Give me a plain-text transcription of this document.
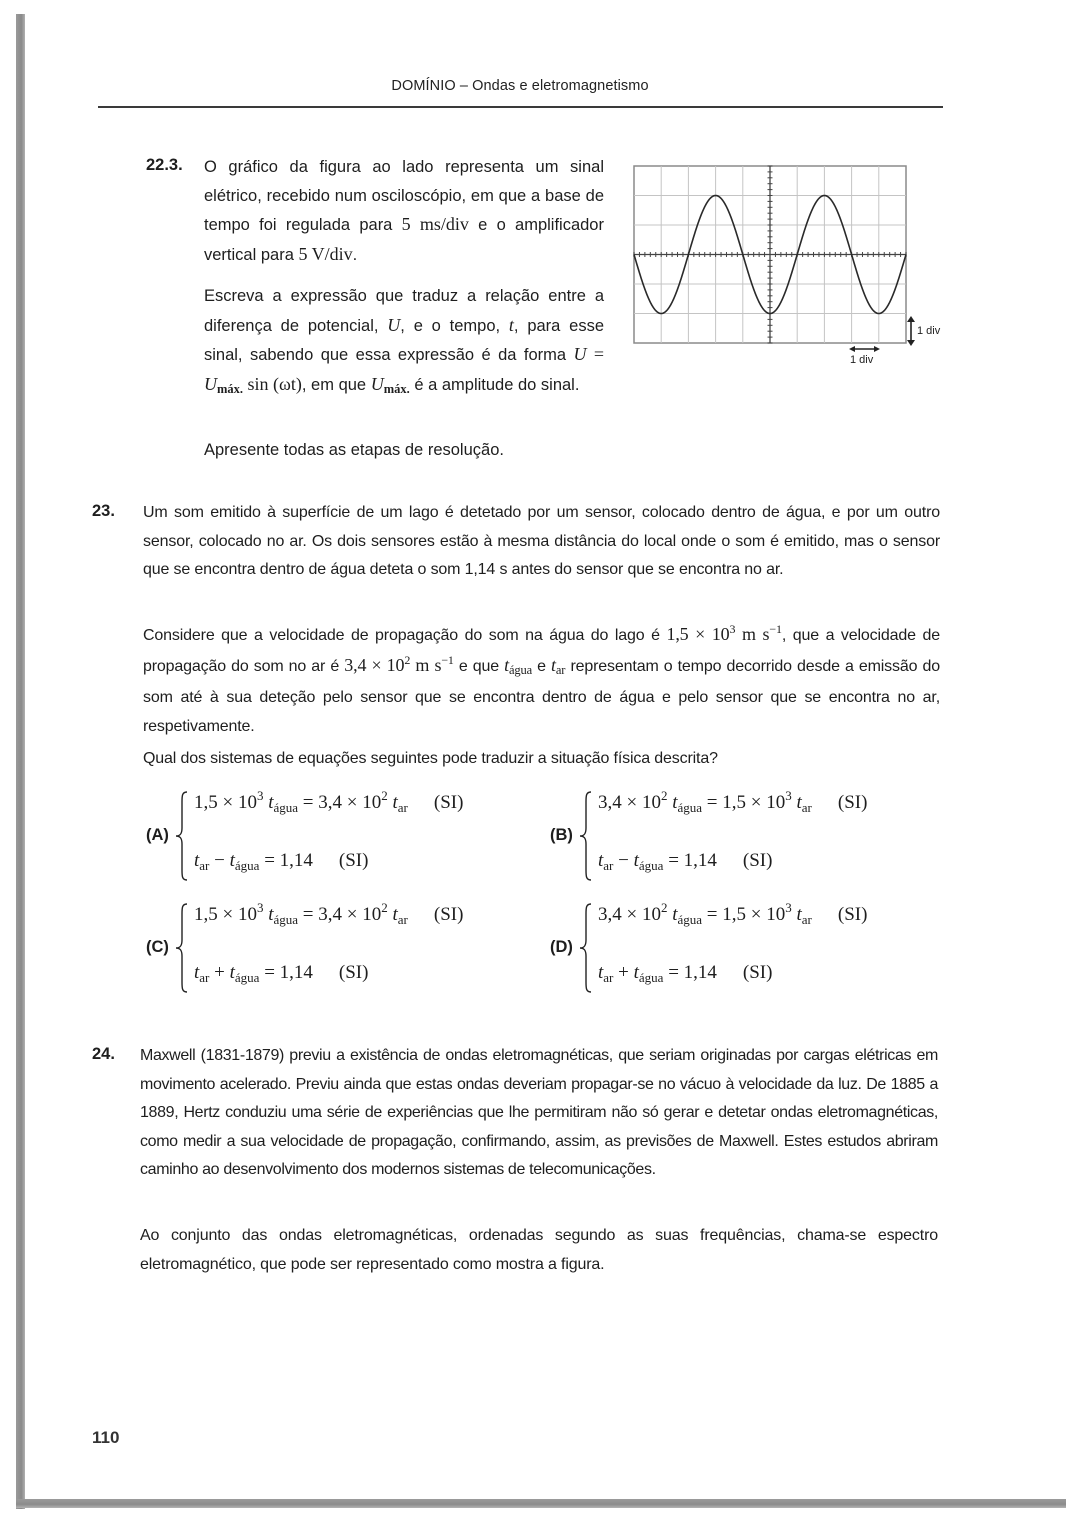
DOMÍNIO – Ondas e eletromagnetismo
22.3. O gráfico da figura ao lado representa um sinal elétrico, recebido num osciloscópio, em que a base de tempo foi regulada para 5 ms/div e o amplificador vertical para 5 V/div.
Escreva a expressão que traduz a relação entre a diferença de potencial, U, e o tempo, t, para esse sinal, sabendo que essa expressão é da forma $U = U_{máx.}$ sin (ωt), em que $U_{máx.}$ é a amplitude do sinal.
Apresente todas as etapas de resolução.
1 div
1 div
23. Um som emitido à superfície de um lago é detetado por um sensor, colocado dentro de água, e por um outro sensor, colocado no ar. Os dois sensores estão à mesma distância do local onde o som é emitido, mas o sensor que se encontra dentro de água deteta o som 1,14 s antes do sensor que se encontra no ar.
Considere que a velocidade de propagação do som na água do lago é $1,5 \times 10^3$ m $s^{-1}$, que a velocidade de propagação do som no ar é $3,4 \times 10^2$ m $s^{-1}$ e que $t_{água}$ e $t_{ar}$ representam o tempo decorrido desde a emissão do som até à sua deteção pelo sensor que se encontra dentro de água e pelo sensor que se encontra no ar, respetivamente.
Qual dos sistemas de equações seguintes pode traduzir a situação física descrita?
(A)
$1,5 \times 10^3$ $t_{água} = 3,4 \times 10^2$ $t_{ar}$ (SI)
$t_{ar} - t_{água} = 1,14$ (SI)
(B)
$3,4 \times 10^2$ $t_{água} = 1,5 \times 10^3$ $t_{ar}$ (SI)
$t_{ar} - t_{água} = 1,14$ (SI)
(C)
$1,5 \times 10^3$ $t_{água} = 3,4 \times 10^2$ $t_{ar}$ (SI)
$t_{ar} + t_{água} = 1,14$ (SI)
(D)
$3,4 \times 10^2$ $t_{água} = 1,5 \times 10^3$ $t_{ar}$ (SI)
$t_{ar} + t_{água} = 1,14$ (SI)
24. Maxwell (1831-1879) previu a existência de ondas eletromagnéticas, que seriam originadas por cargas elétricas em movimento acelerado. Previu ainda que estas ondas deveriam propagar-se no vácuo à velocidade da luz. De 1885 a 1889, Hertz conduziu uma série de experiências que lhe permitiram não só gerar e detetar ondas eletromagnéticas, como medir a sua velocidade de propagação, confirmando, assim, as previsões de Maxwell. Estes estudos abriram caminho ao desenvolvimento dos modernos sistemas de telecomunicações.
Ao conjunto das ondas eletromagnéticas, ordenadas segundo as suas frequências, chama-se espectro eletromagnético, que pode ser representado como mostra a figura.
110
